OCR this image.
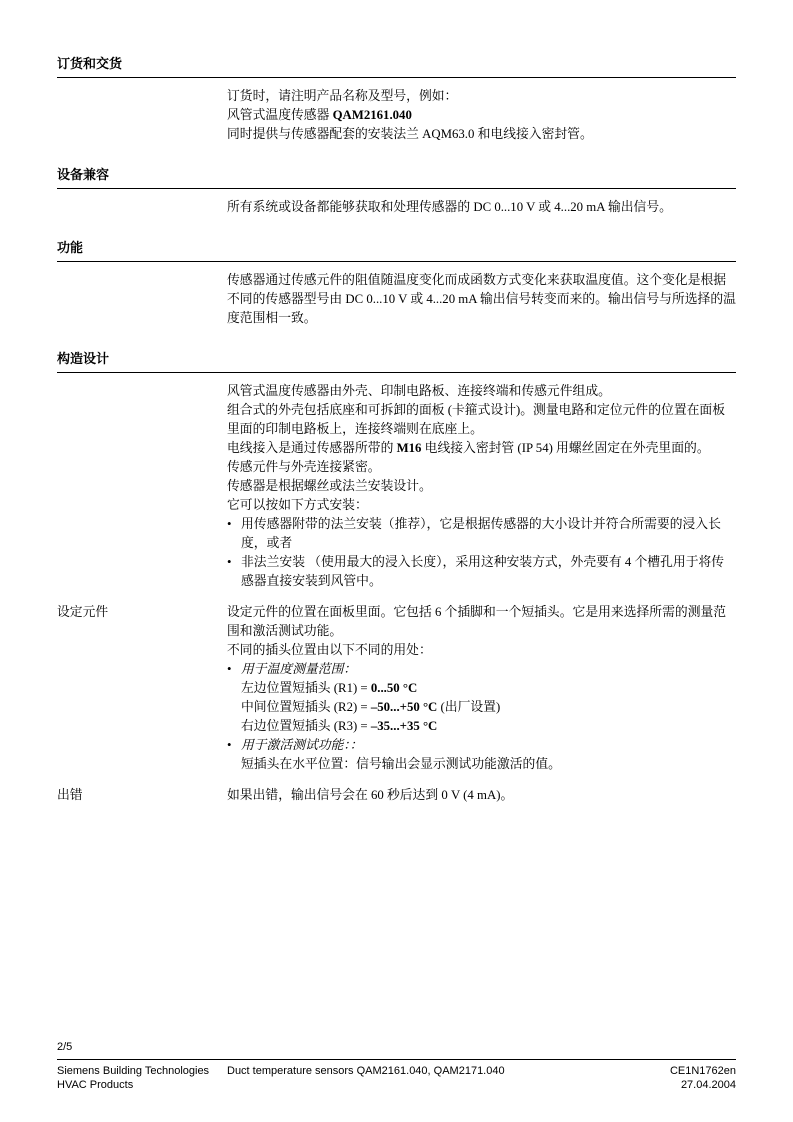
订货和交货
订货时，请注明产品名称及型号，例如：
风管式温度传感器 QAM2161.040
同时提供与传感器配套的安装法兰 AQM63.0 和电线接入密封管。
设备兼容
所有系统或设备都能够获取和处理传感器的 DC 0...10 V 或 4...20 mA 输出信号。
功能
传感器通过传感元件的阻值随温度变化而成函数方式变化来获取温度值。这个变化是根据不同的传感器型号由 DC 0...10 V 或 4...20 mA 输出信号转变而来的。输出信号与所选择的温度范围相一致。
构造设计
风管式温度传感器由外壳、印制电路板、连接终端和传感元件组成。
组合式的外壳包括底座和可拆卸的面板 (卡箍式设计)。测量电路和定位元件的位置在面板里面的印制电路板上，连接终端则在底座上。
电线接入是通过传感器所带的 M16 电线接入密封管 (IP 54) 用螺丝固定在外壳里面的。
传感元件与外壳连接紧密。
传感器是根据螺丝或法兰安装设计。
它可以按如下方式安装：
• 用传感器附带的法兰安装（推荐），它是根据传感器的大小设计并符合所需要的浸入长度，或者
• 非法兰安装 （使用最大的浸入长度），采用这种安装方式，外壳要有 4 个槽孔用于将传感器直接安装到风管中。
设定元件	设定元件的位置在面板里面。它包括 6 个插脚和一个短插头。它是用来选择所需的测量范围和激活测试功能。
不同的插头位置由以下不同的用处：
• 用于温度测量范围：
左边位置短插头 (R1) = 0...50 °C
中间位置短插头 (R2) = –50...+50 °C (出厂设置)
右边位置短插头 (R3) = –35...+35 °C
• 用于激活测试功能：：
短插头在水平位置：信号输出会显示测试功能激活的值。
出错	如果出错，输出信号会在 60 秒后达到 0 V (4 mA)。
2/5
Siemens Building Technologies	Duct temperature sensors QAM2161.040, QAM2171.040	CE1N1762en
HVAC Products	27.04.2004
